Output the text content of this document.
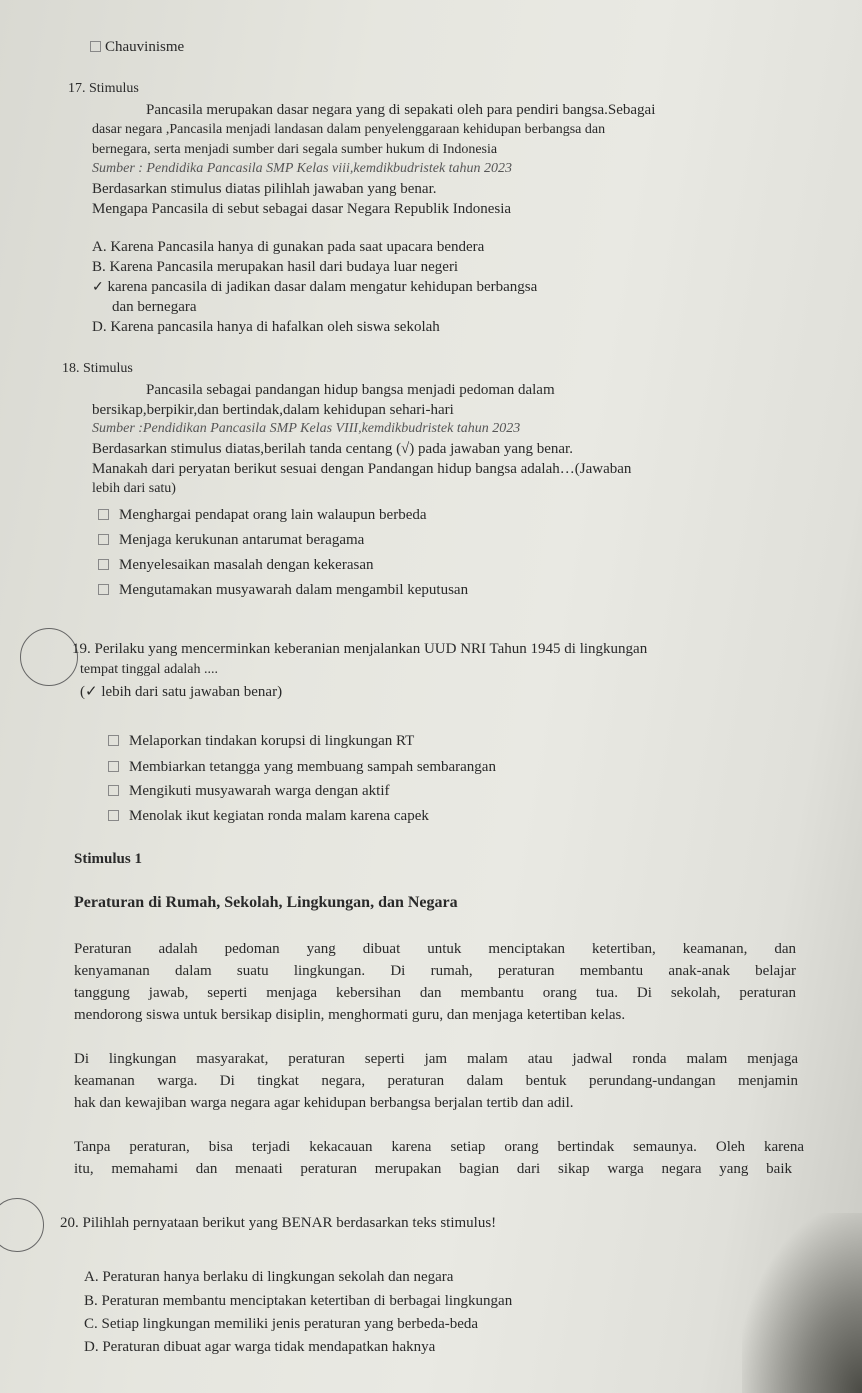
Chauvinisme
17. Stimulus
Pancasila merupakan dasar negara yang di sepakati oleh para pendiri bangsa.Sebagai
dasar negara ,Pancasila menjadi landasan dalam penyelenggaraan kehidupan berbangsa dan
bernegara, serta menjadi sumber dari segala sumber hukum di Indonesia
Sumber : Pendidika Pancasila SMP Kelas viii,kemdikbudristek tahun 2023
Berdasarkan stimulus diatas pilihlah jawaban yang benar.
Mengapa Pancasila di sebut sebagai dasar Negara Republik Indonesia
A. Karena Pancasila hanya di gunakan pada saat upacara bendera
B. Karena Pancasila merupakan hasil dari budaya luar negeri
✓ karena pancasila di jadikan dasar dalam mengatur kehidupan berbangsa
dan bernegara
D. Karena pancasila hanya di hafalkan oleh siswa sekolah
18. Stimulus
Pancasila sebagai pandangan hidup bangsa menjadi pedoman dalam
bersikap,berpikir,dan bertindak,dalam kehidupan sehari-hari
Sumber :Pendidikan Pancasila SMP Kelas VIII,kemdikbudristek tahun 2023
Berdasarkan stimulus diatas,berilah tanda centang (√) pada jawaban yang benar.
Manakah dari peryatan berikut sesuai dengan Pandangan hidup bangsa adalah…(Jawaban
lebih dari satu)
Menghargai pendapat orang lain walaupun berbeda
Menjaga kerukunan antarumat beragama
Menyelesaikan masalah dengan kekerasan
Mengutamakan musyawarah dalam mengambil keputusan
19. Perilaku yang mencerminkan keberanian menjalankan UUD NRI Tahun 1945 di lingkungan
tempat tinggal adalah ....
(✓ lebih dari satu jawaban benar)
Melaporkan tindakan korupsi di lingkungan RT
Membiarkan tetangga yang membuang sampah sembarangan
Mengikuti musyawarah warga dengan aktif
Menolak ikut kegiatan ronda malam karena capek
Stimulus 1
Peraturan di Rumah, Sekolah, Lingkungan, dan Negara
Peraturan adalah pedoman yang dibuat untuk menciptakan ketertiban, keamanan, dan
kenyamanan dalam suatu lingkungan. Di rumah, peraturan membantu anak-anak belajar
tanggung jawab, seperti menjaga kebersihan dan membantu orang tua. Di sekolah, peraturan
mendorong siswa untuk bersikap disiplin, menghormati guru, dan menjaga ketertiban kelas.
Di lingkungan masyarakat, peraturan seperti jam malam atau jadwal ronda malam menjaga
keamanan warga. Di tingkat negara, peraturan dalam bentuk perundang-undangan menjamin
hak dan kewajiban warga negara agar kehidupan berbangsa berjalan tertib dan adil.
Tanpa peraturan, bisa terjadi kekacauan karena setiap orang bertindak semaunya. Oleh karena
itu, memahami dan menaati peraturan merupakan bagian dari sikap warga negara yang baik
20. Pilihlah pernyataan berikut yang BENAR berdasarkan teks stimulus!
A. Peraturan hanya berlaku di lingkungan sekolah dan negara
B. Peraturan membantu menciptakan ketertiban di berbagai lingkungan
C. Setiap lingkungan memiliki jenis peraturan yang berbeda-beda
D. Peraturan dibuat agar warga tidak mendapatkan haknya
